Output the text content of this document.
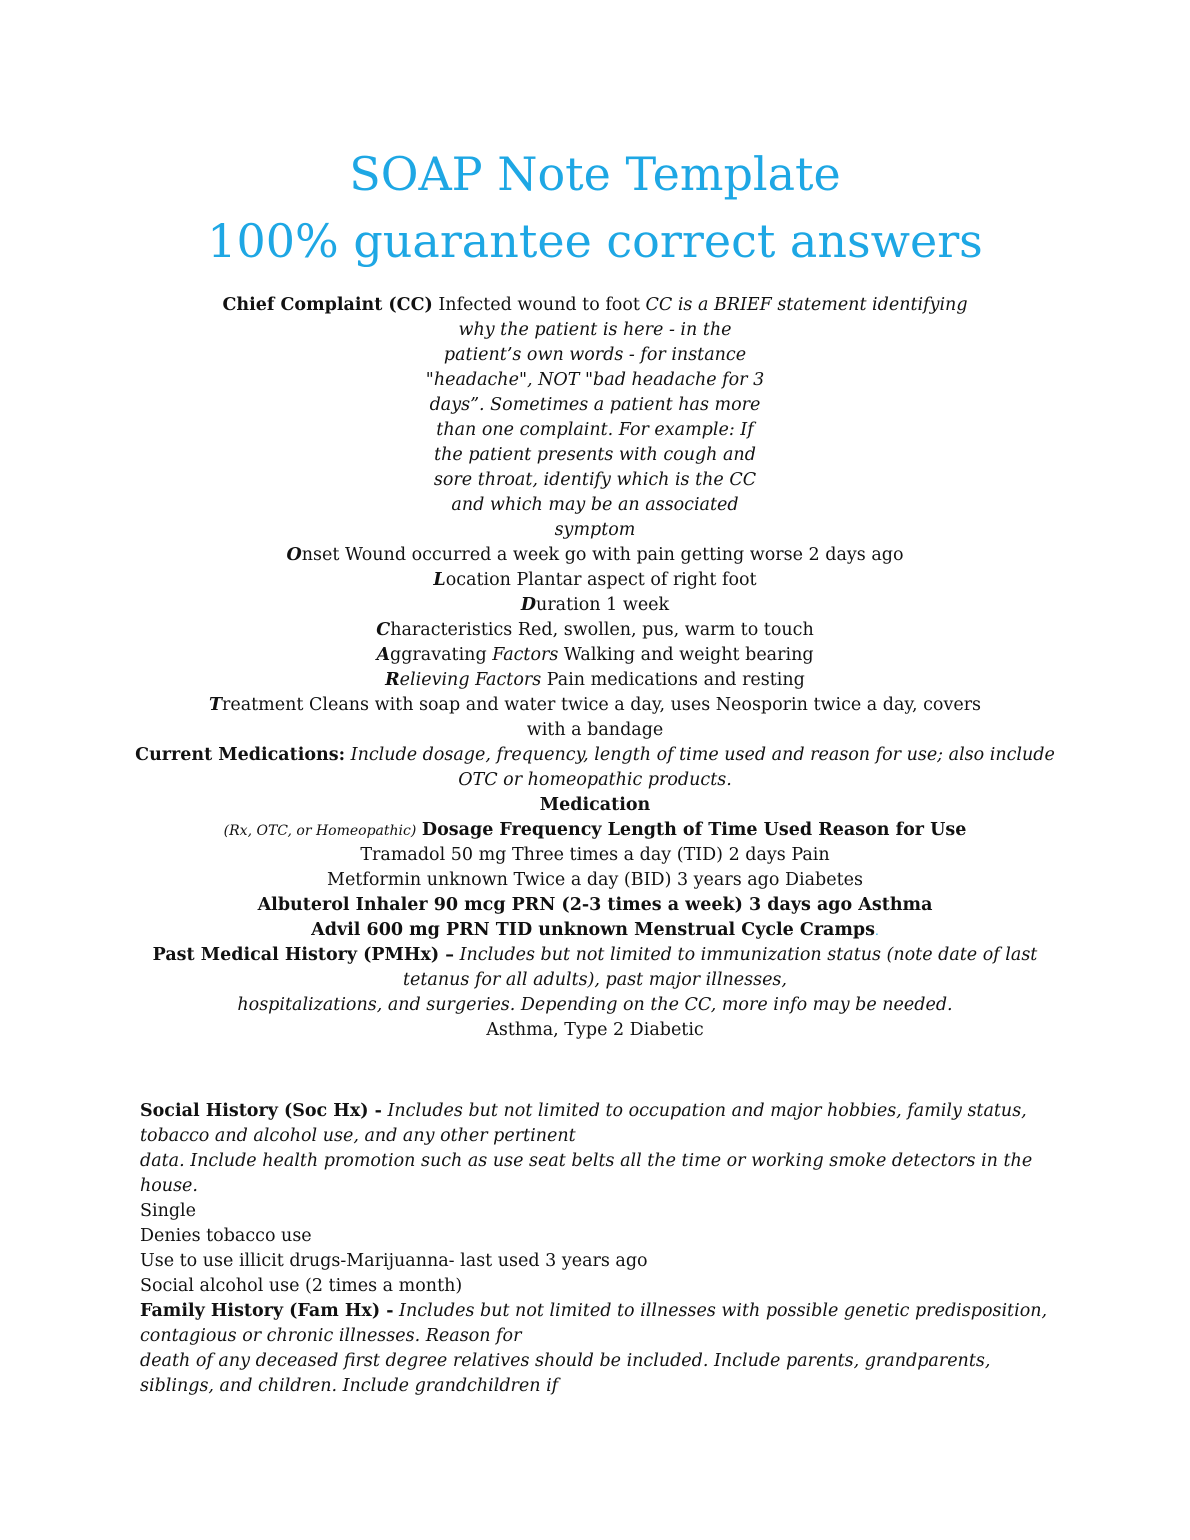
SOAP Note Template
100% guarantee correct answers
Chief Complaint (CC) Infected wound to foot CC is a BRIEF statement identifying
why the patient is here - in the
patient’s own words - for instance
"headache", NOT "bad headache for 3
days”. Sometimes a patient has more
than one complaint. For example: If
the patient presents with cough and
sore throat, identify which is the CC
and which may be an associated
symptom
Onset Wound occurred a week go with pain getting worse 2 days ago
Location Plantar aspect of right foot
Duration 1 week
Characteristics Red, swollen, pus, warm to touch
Aggravating Factors Walking and weight bearing
Relieving Factors Pain medications and resting
Treatment Cleans with soap and water twice a day, uses Neosporin twice a day, covers
with a bandage
Current Medications: Include dosage, frequency, length of time used and reason for use; also include
OTC or homeopathic products.
Medication
(Rx, OTC, or Homeopathic) Dosage Frequency Length of Time Used Reason for Use
Tramadol 50 mg Three times a day (TID) 2 days Pain
Metformin unknown Twice a day (BID) 3 years ago Diabetes
Albuterol Inhaler 90 mcg PRN (2-3 times a week) 3 days ago Asthma
Advil 600 mg PRN TID unknown Menstrual Cycle Cramps.
Past Medical History (PMHx) – Includes but not limited to immunization status (note date of last
tetanus for all adults), past major illnesses,
hospitalizations, and surgeries. Depending on the CC, more info may be needed.
Asthma, Type 2 Diabetic
Social History (Soc Hx) - Includes but not limited to occupation and major hobbies, family status,
tobacco and alcohol use, and any other pertinent
data. Include health promotion such as use seat belts all the time or working smoke detectors in the
house.
Single
Denies tobacco use
Use to use illicit drugs-Marijuanna- last used 3 years ago
Social alcohol use (2 times a month)
Family History (Fam Hx) - Includes but not limited to illnesses with possible genetic predisposition,
contagious or chronic illnesses. Reason for
death of any deceased first degree relatives should be included. Include parents, grandparents,
siblings, and children. Include grandchildren if
